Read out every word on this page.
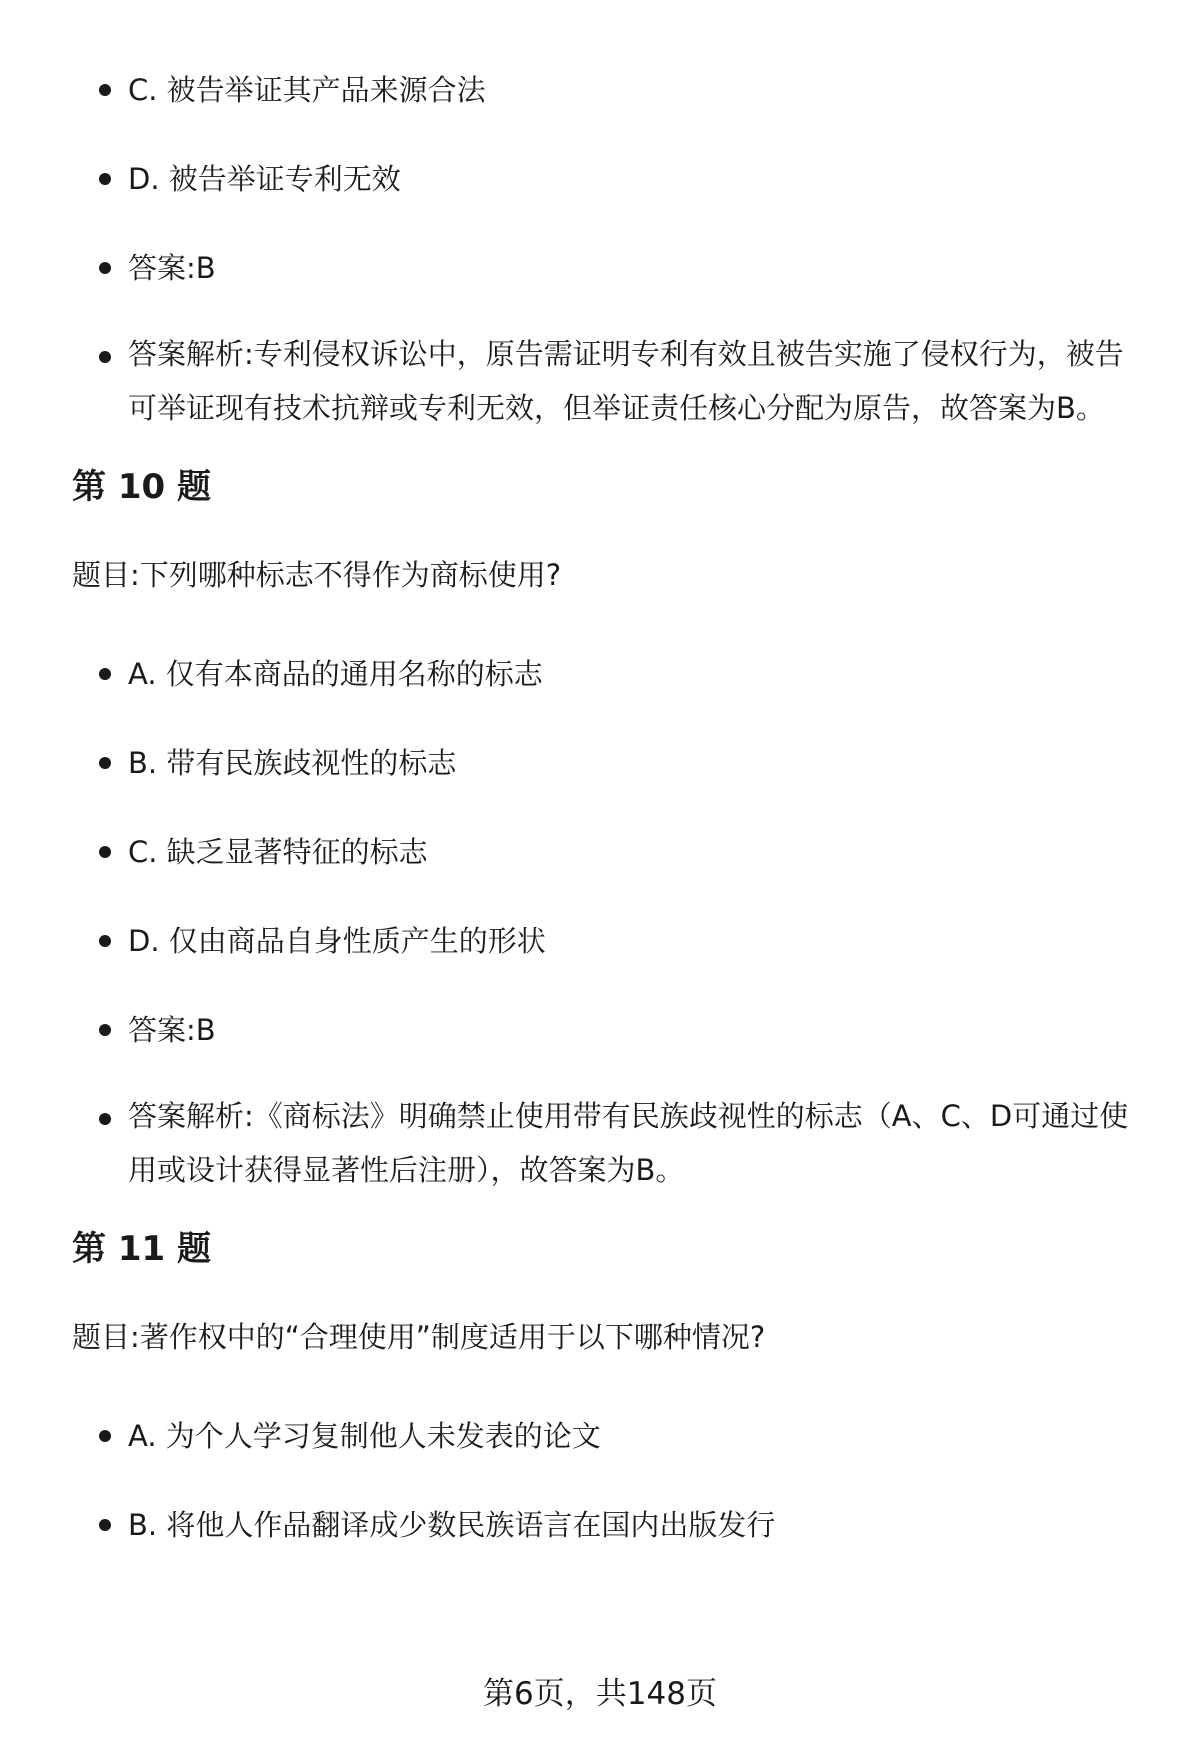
C. 被告举证其产品来源合法
D. 被告举证专利无效
答案:B
答案解析:专利侵权诉讼中，原告需证明专利有效且被告实施了侵权行为，被告可举证现有技术抗辩或专利无效，但举证责任核心分配为原告，故答案为B。
第 10 题
题目:下列哪种标志不得作为商标使用?
A. 仅有本商品的通用名称的标志
B. 带有民族歧视性的标志
C. 缺乏显著特征的标志
D. 仅由商品自身性质产生的形状
答案:B
答案解析:《商标法》明确禁止使用带有民族歧视性的标志（A、C、D可通过使用或设计获得显著性后注册），故答案为B。
第 11 题
题目:著作权中的“合理使用”制度适用于以下哪种情况?
A. 为个人学习复制他人未发表的论文
B. 将他人作品翻译成少数民族语言在国内出版发行
第6页，共148页
